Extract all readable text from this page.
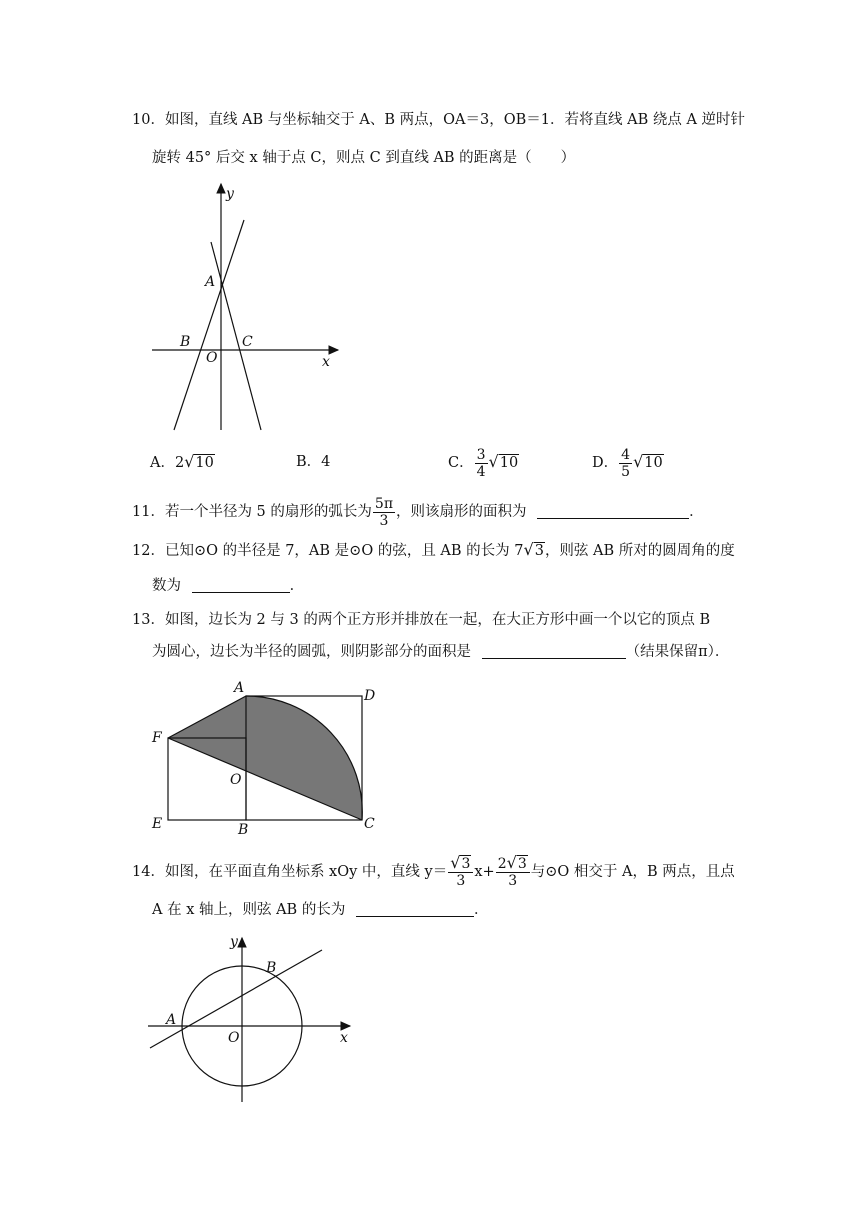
10．如图，直线 AB 与坐标轴交于 A、B 两点，OA＝3，OB＝1．若将直线 AB 绕点 A 逆时针
旋转 45° 后交 x 轴于点 C，则点 C 到直线 AB 的距离是（　　）
y
x
A
B	C
O
A．2√10	B．4	C． $\frac{3}{4} √10$	D． $\frac{4}{5} √10$
11．若一个半径为 5 的扇形的弧长为 $\frac{5\pi}{3}$ ，则该扇形的面积为	．
12．已知⊙O 的半径是 7，AB 是⊙O 的弦，且 AB 的长为 7√3，则弦 AB 所对的圆周角的度
数为	．
13．如图，边长为 2 与 3 的两个正方形并排放在一起，在大正方形中画一个以它的顶点 B
为圆心，边长为半径的圆弧，则阴影部分的面积是	（结果保留π）．
A	D
F
O
E	B	C
14．如图，在平面直角坐标系 xOy 中，直线 $y= \frac{√3}{3} x+ \frac{2√3}{3}$ 与⊙O 相交于 A，B 两点，且点
A 在 x 轴上，则弦 AB 的长为	．
y
x
A
B
O
